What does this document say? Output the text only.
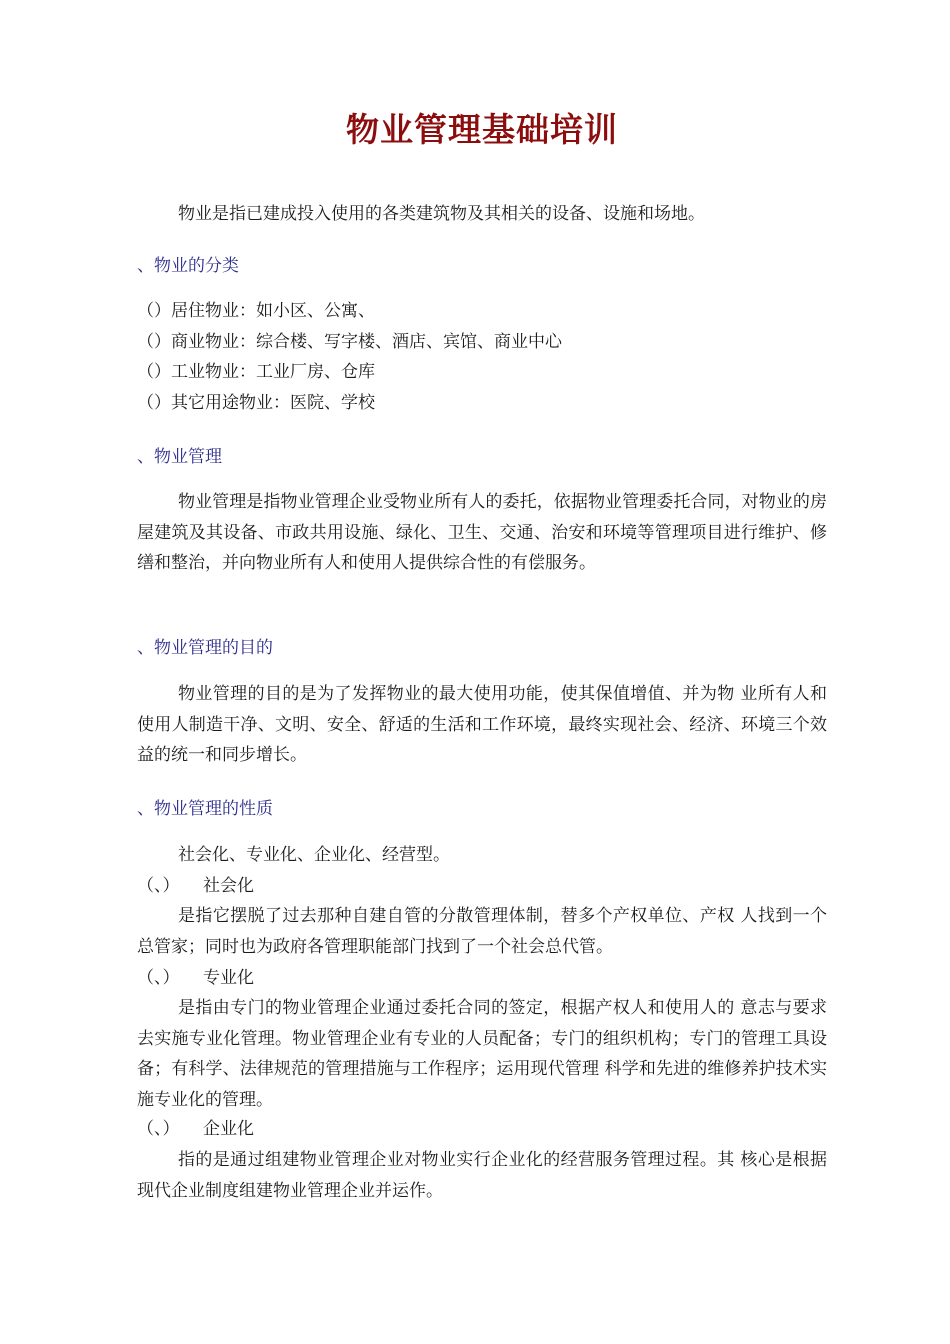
物业管理基础培训

物业是指已建成投入使用的各类建筑物及其相关的设备、设施和场地。

、物业的分类

（）居住物业：如小区、公寓、
（）商业物业：综合楼、写字楼、酒店、宾馆、商业中心
（）工业物业：工业厂房、仓库
（）其它用途物业：医院、学校

、物业管理

物业管理是指物业管理企业受物业所有人的委托，依据物业管理委托合同，对物业的房屋建筑及其设备、市政共用设施、绿化、卫生、交通、治安和环境等管理项目进行维护、修缮和整治，并向物业所有人和使用人提供综合性的有偿服务。

、物业管理的目的

物业管理的目的是为了发挥物业的最大使用功能，使其保值增值、并为物 业所有人和使用人制造干净、文明、安全、舒适的生活和工作环境，最终实现社会、经济、环境三个效益的统一和同步增长。

、物业管理的性质

社会化、专业化、企业化、经营型。

（、） 社会化

是指它摆脱了过去那种自建自管的分散管理体制，替多个产权单位、产权 人找到一个总管家；同时也为政府各管理职能部门找到了一个社会总代管。

（、） 专业化

是指由专门的物业管理企业通过委托合同的签定，根据产权人和使用人的 意志与要求去实施专业化管理。物业管理企业有专业的人员配备；专门的组织机构；专门的管理工具设备；有科学、法律规范的管理措施与工作程序；运用现代管理 科学和先进的维修养护技术实施专业化的管理。

（、） 企业化

指的是通过组建物业管理企业对物业实行企业化的经营服务管理过程。其 核心是根据现代企业制度组建物业管理企业并运作。
